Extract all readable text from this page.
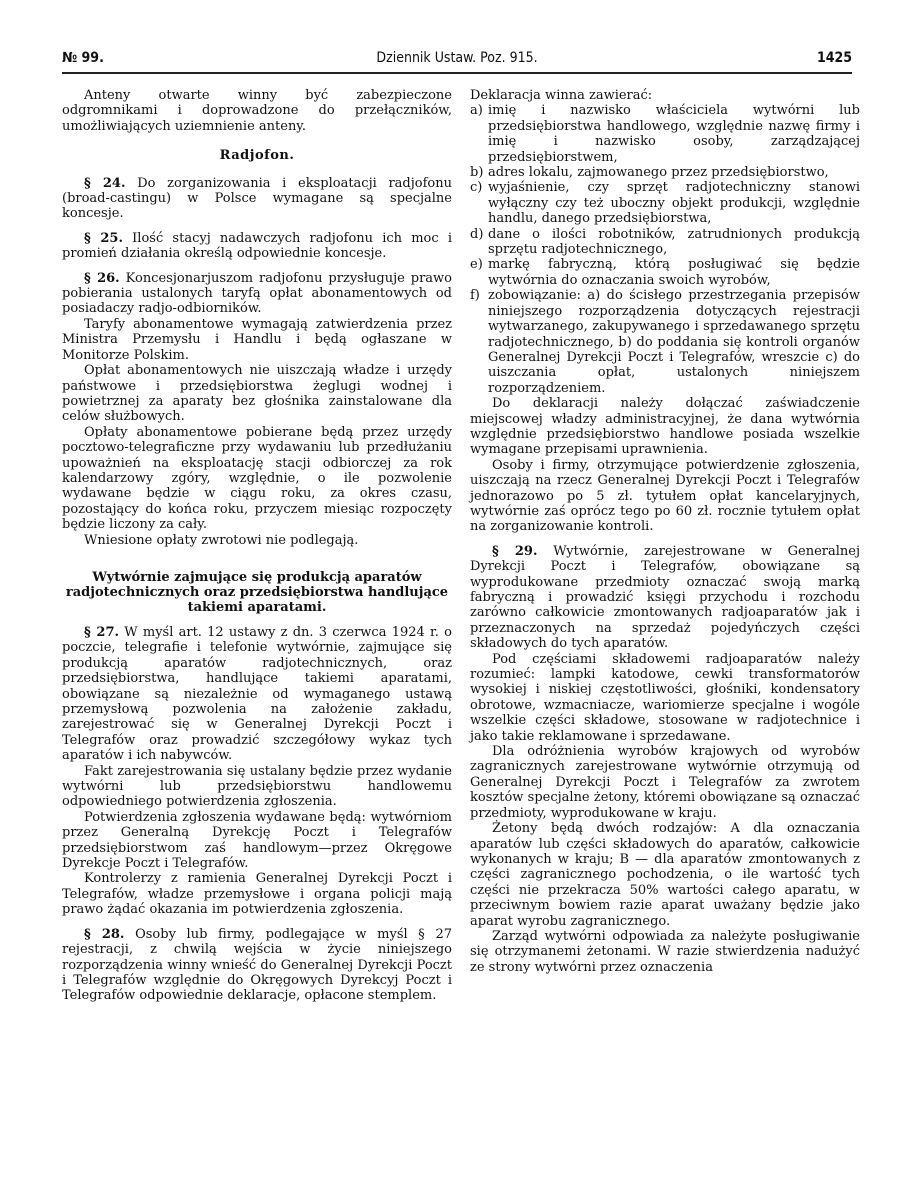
№ 99.	Dziennik Ustaw. Poz. 915.	1425

Anteny otwarte winny być zabezpieczone odgromnikami i doprowadzone do przełączników, umożliwiających uziemnienie anteny.

Radjofon.

§ 24. Do zorganizowania i eksploatacji radjofonu (broad-castingu) w Polsce wymagane są specjalne koncesje.

§ 25. Ilość stacyj nadawczych radjofonu ich moc i promień działania określą odpowiednie koncesje.

§ 26. Koncesjonarjuszom radjofonu przysługuje prawo pobierania ustalonych taryfą opłat abonamentowych od posiadaczy radjo-odbiorników.

Taryfy abonamentowe wymagają zatwierdzenia przez Ministra Przemysłu i Handlu i będą ogłaszane w Monitorze Polskim.

Opłat abonamentowych nie uiszczają władze i urzędy państwowe i przedsiębiorstwa żeglugi wodnej i powietrznej za aparaty bez głośnika zainstalowane dla celów służbowych.

Opłaty abonamentowe pobierane będą przez urzędy pocztowo-telegraficzne przy wydawaniu lub przedłużaniu upoważnień na eksploatację stacji odbiorczej za rok kalendarzowy zgóry, względnie, o ile pozwolenie wydawane będzie w ciągu roku, za okres czasu, pozostający do końca roku, przyczem miesiąc rozpoczęty będzie liczony za cały.

Wniesione opłaty zwrotowi nie podlegają.

Wytwórnie zajmujące się produkcją aparatów radjotechnicznych oraz przedsiębiorstwa handlujące takiemi aparatami.

§ 27. W myśl art. 12 ustawy z dn. 3 czerwca 1924 r. o poczcie, telegrafie i telefonie wytwórnie, zajmujące się produkcją aparatów radjotechnicznych, oraz przedsiębiorstwa, handlujące takiemi aparatami, obowiązane są niezależnie od wymaganego ustawą przemysłową pozwolenia na założenie zakładu, zarejestrować się w Generalnej Dyrekcji Poczt i Telegrafów oraz prowadzić szczegółowy wykaz tych aparatów i ich nabywców.

Fakt zarejestrowania się ustalany będzie przez wydanie wytwórni lub przedsiębiorstwu handlowemu odpowiedniego potwierdzenia zgłoszenia.

Potwierdzenia zgłoszenia wydawane będą: wytwórniom przez Generalną Dyrekcję Poczt i Telegrafów przedsiębiorstwom zaś handlowym—przez Okręgowe Dyrekcje Poczt i Telegrafów.

Kontrolerzy z ramienia Generalnej Dyrekcji Poczt i Telegrafów, władze przemysłowe i organa policji mają prawo żądać okazania im potwierdzenia zgłoszenia.

§ 28. Osoby lub firmy, podlegające w myśl § 27 rejestracji, z chwilą wejścia w życie niniejszego rozporządzenia winny wnieść do Generalnej Dyrekcji Poczt i Telegrafów względnie do Okręgowych Dyrekcyj Poczt i Telegrafów odpowiednie deklaracje, opłacone stemplem.

Deklaracja winna zawierać:

a) imię i nazwisko właściciela wytwórni lub przedsiębiorstwa handlowego, względnie nazwę firmy i imię i nazwisko osoby, zarządzającej przedsiębiorstwem,
b) adres lokalu, zajmowanego przez przedsiębiorstwo,
c) wyjaśnienie, czy sprzęt radjotechniczny stanowi wyłączny czy też uboczny objekt produkcji, względnie handlu, danego przedsiębiorstwa,
d) dane o ilości robotników, zatrudnionych produkcją sprzętu radjotechnicznego,
e) markę fabryczną, którą posługiwać się będzie wytwórnia do oznaczania swoich wyrobów,
f) zobowiązanie: a) do ścisłego przestrzegania przepisów niniejszego rozporządzenia dotyczących rejestracji wytwarzanego, zakupywanego i sprzedawanego sprzętu radjotechnicznego, b) do poddania się kontroli organów Generalnej Dyrekcji Poczt i Telegrafów, wreszcie c) do uiszczania opłat, ustalonych niniejszem rozporządzeniem.

Do deklaracji należy dołączać zaświadczenie miejscowej władzy administracyjnej, że dana wytwórnia względnie przedsiębiorstwo handlowe posiada wszelkie wymagane przepisami uprawnienia.

Osoby i firmy, otrzymujące potwierdzenie zgłoszenia, uiszczają na rzecz Generalnej Dyrekcji Poczt i Telegrafów jednorazowo po 5 zł. tytułem opłat kancelaryjnych, wytwórnie zaś oprócz tego po 60 zł. rocznie tytułem opłat na zorganizowanie kontroli.

§ 29. Wytwórnie, zarejestrowane w Generalnej Dyrekcji Poczt i Telegrafów, obowiązane są wyprodukowane przedmioty oznaczać swoją marką fabryczną i prowadzić księgi przychodu i rozchodu zarówno całkowicie zmontowanych radjoaparatów jak i przeznaczonych na sprzedaż pojedyńczych części składowych do tych aparatów.

Pod częściami składowemi radjoaparatów należy rozumieć: lampki katodowe, cewki transformatorów wysokiej i niskiej częstotliwości, głośniki, kondensatory obrotowe, wzmacniacze, wariomierze specjalne i wogóle wszelkie części składowe, stosowane w radjotechnice i jako takie reklamowane i sprzedawane.

Dla odróżnienia wyrobów krajowych od wyrobów zagranicznych zarejestrowane wytwórnie otrzymują od Generalnej Dyrekcji Poczt i Telegrafów za zwrotem kosztów specjalne żetony, któremi obowiązane są oznaczać przedmioty, wyprodukowane w kraju.

Żetony będą dwóch rodzajów: A dla oznaczania aparatów lub części składowych do aparatów, całkowicie wykonanych w kraju; B — dla aparatów zmontowanych z części zagranicznego pochodzenia, o ile wartość tych części nie przekracza 50% wartości całego aparatu, w przeciwnym bowiem razie aparat uważany będzie jako aparat wyrobu zagranicznego.

Zarząd wytwórni odpowiada za należyte posługiwanie się otrzymanemi żetonami. W razie stwierdzenia nadużyć ze strony wytwórni przez oznaczenia
